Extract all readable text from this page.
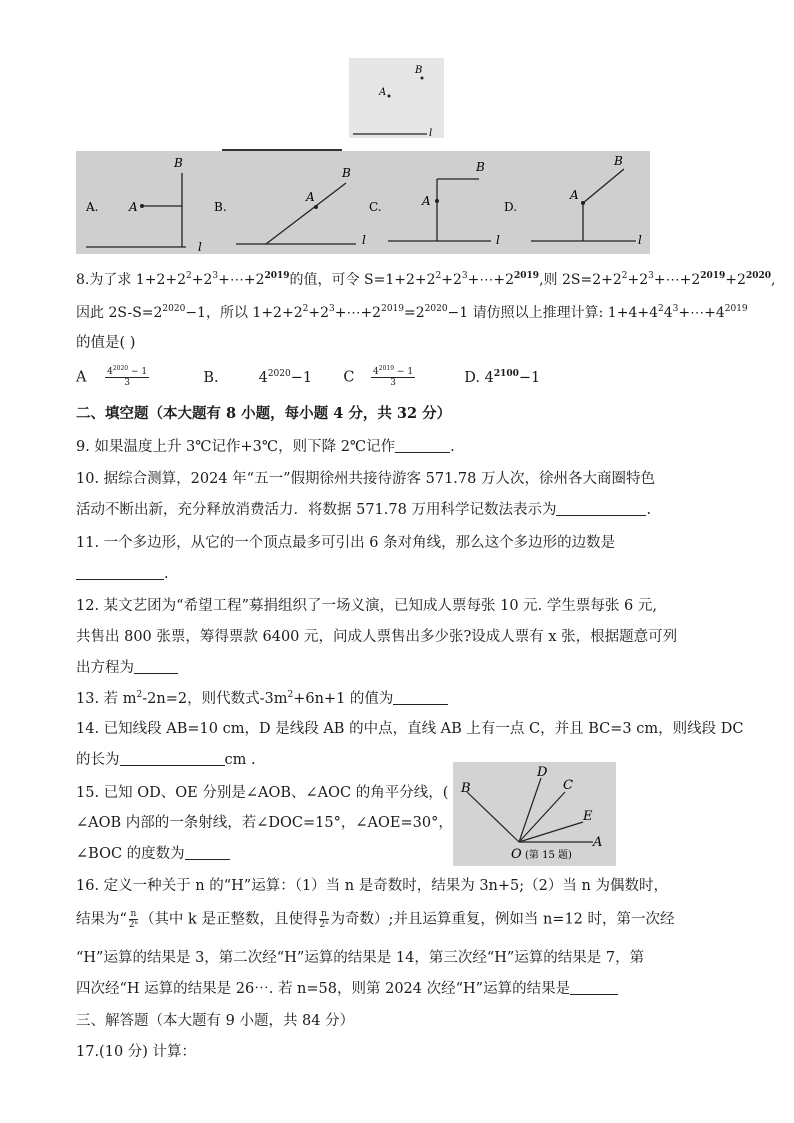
A
B
l
A.	A
B
l
B.
A
B
l
C.	A
B
l
D.
A
B
l
8.为了求 $1+2+2^2+2^3+\cdots+2^{2019}$的值，可令 $S=1+2+2^2+2^3+\cdots+2^{2019}$,则 $2S=2+2^2+2^3+\cdots+2^{2019}+2^{2020}$,
因此 $2S-S=2^{2020}-1$，所以 $1+2+2^2+2^3+\cdots+2^{2019}=2^{2020}-1$ 请仿照以上推理计算: $1+4+4^24^3+\cdots+4^{2019}$
的值是( )
A $\frac{4^{2020} - 1}{3}$	B.	$4^{2020}-1$ C $\frac{4^{2019} - 1}{3}$	D. $4^{2100}-1$
二、填空题（本大题有 8 小题，每小题 4 分，共 32 分）
9. 如果温度上升 3℃记作+3℃，则下降 2℃记作	.
10. 据综合测算，2024 年“五一”假期徐州共接待游客 571.78 万人次，徐州各大商圈特色
活动不断出新，充分释放消费活力．将数据 571.78 万用科学记数法表示为	.
11. 一个多边形，从它的一个顶点最多可引出 6 条对角线，那么这个多边形的边数是
.
12. 某文艺团为“希望工程”募捐组织了一场义演，已知成人票每张 10 元. 学生票每张 6 元,
共售出 800 张票，筹得票款 6400 元，问成人票售出多少张?设成人票有 x 张，根据题意可列
出方程为
13. 若 $m^2-2n=2$，则代数式$-3m^2+6n+1$ 的值为
14. 已知线段 AB=10 cm，D 是线段 AB 的中点，直线 AB 上有一点 C，并且 BC=3 cm，则线段 DC
的长为	cm .
15. 已知 OD、OE 分别是∠AOB、∠AOC 的角平分线，(
∠AOB 内部的一条射线，若∠DOC=15°，∠AOE=30°，
∠BOC 的度数为
B
D
C
E
A
O (第 15 题)
16. 定义一种关于 n 的“H”运算：（1）当 n 是奇数时，结果为 3n+5;（2）当 n 为偶数时，
结果为“ $\frac{n}{\text{2ᵏ}}$ （其中 k 是正整数，且使得 $\frac{n}{\text{2ᵏ}}$ 为奇数）;并且运算重复，例如当 n=12 时，第一次经
“H”运算的结果是 3，第二次经“H”运算的结果是 14，第三次经“H”运算的结果是 7，第
四次经“H 运算的结果是 26⋯. 若 n=58，则第 2024 次经“H”运算的结果是
三、解答题（本大题有 9 小题，共 84 分）
17.(10 分) 计算：
